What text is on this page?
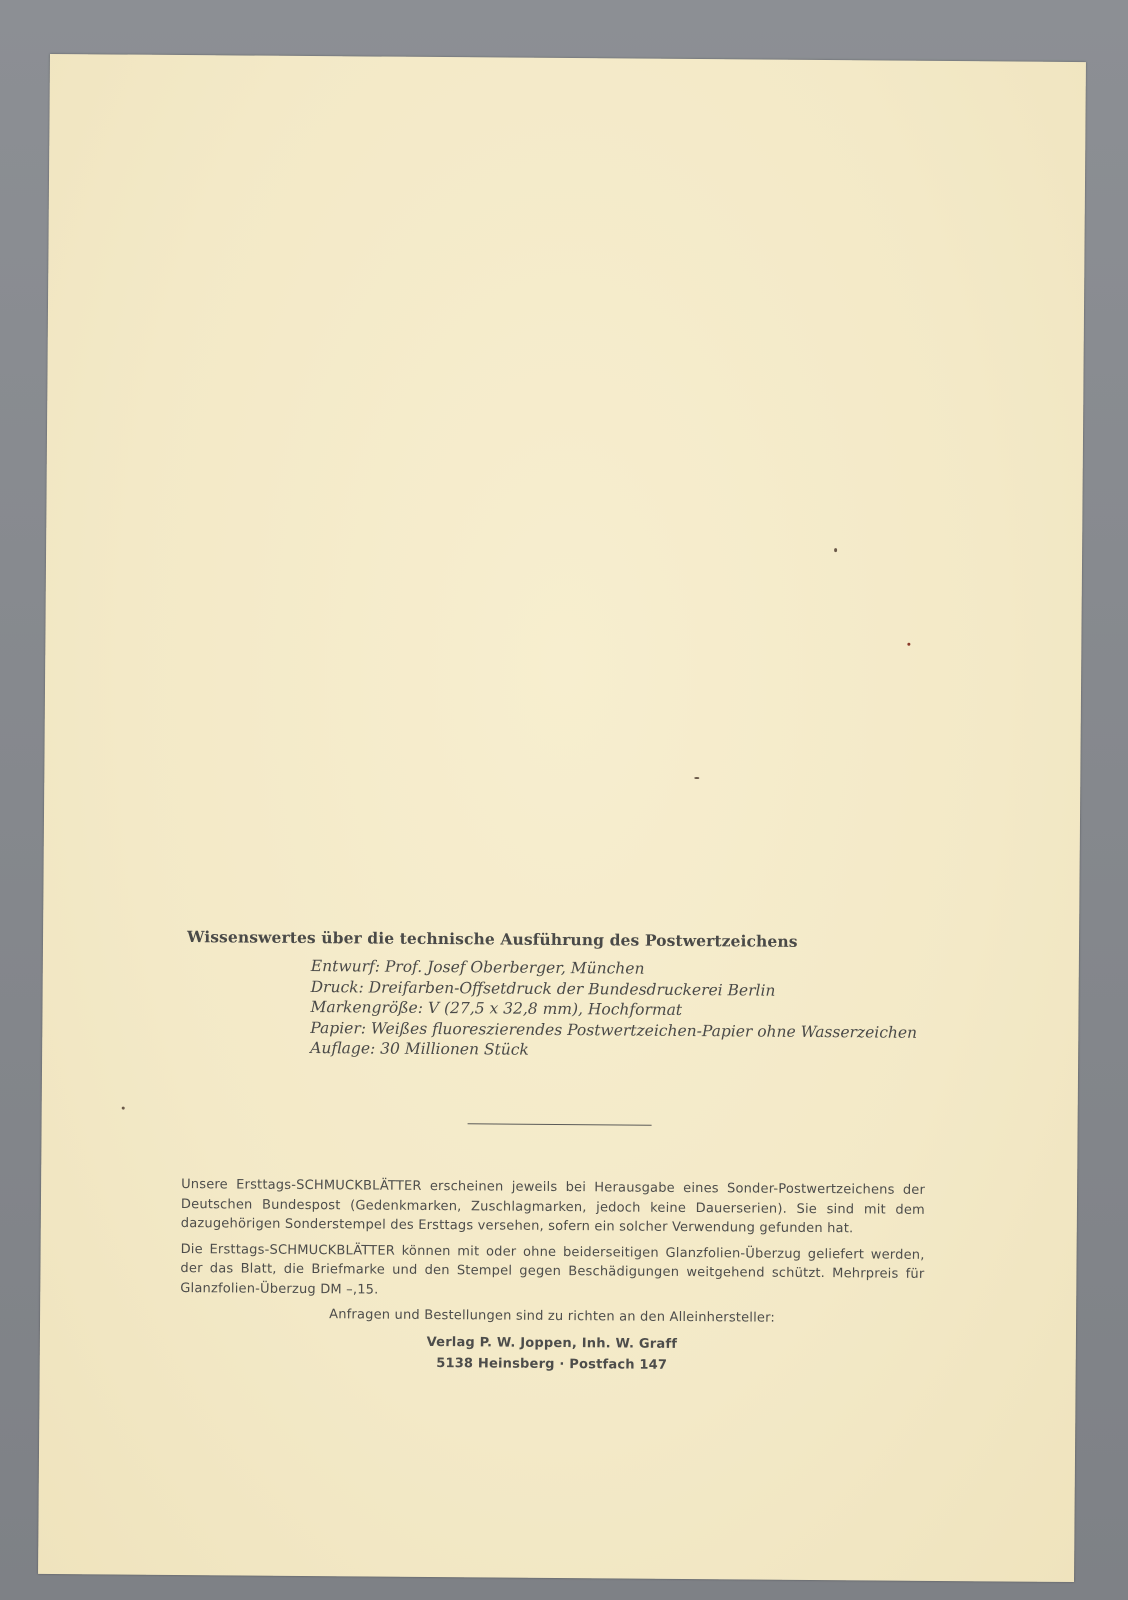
Wissenswertes über die technische Ausführung des Postwertzeichens
Entwurf: Prof. Josef Oberberger, München
Druck: Dreifarben-Offsetdruck der Bundesdruckerei Berlin
Markengröße: V (27,5 x 32,8 mm), Hochformat
Papier: Weißes fluoreszierendes Postwertzeichen-Papier ohne Wasserzeichen
Auflage: 30 Millionen Stück

Unsere Ersttags-SCHMUCKBLÄTTER erscheinen jeweils bei Herausgabe eines Sonder-Postwertzeichens der Deutschen Bundespost (Gedenkmarken, Zuschlagmarken, jedoch keine Dauerserien). Sie sind mit dem dazugehörigen Sonderstempel des Ersttags versehen, sofern ein solcher Verwendung gefunden hat.

Die Ersttags-SCHMUCKBLÄTTER können mit oder ohne beiderseitigen Glanzfolien-Überzug geliefert werden, der das Blatt, die Briefmarke und den Stempel gegen Beschädigungen weitgehend schützt. Mehrpreis für Glanzfolien-Überzug DM –,15.

Anfragen und Bestellungen sind zu richten an den Alleinhersteller:

Verlag P. W. Joppen, Inh. W. Graff
5138 Heinsberg · Postfach 147
